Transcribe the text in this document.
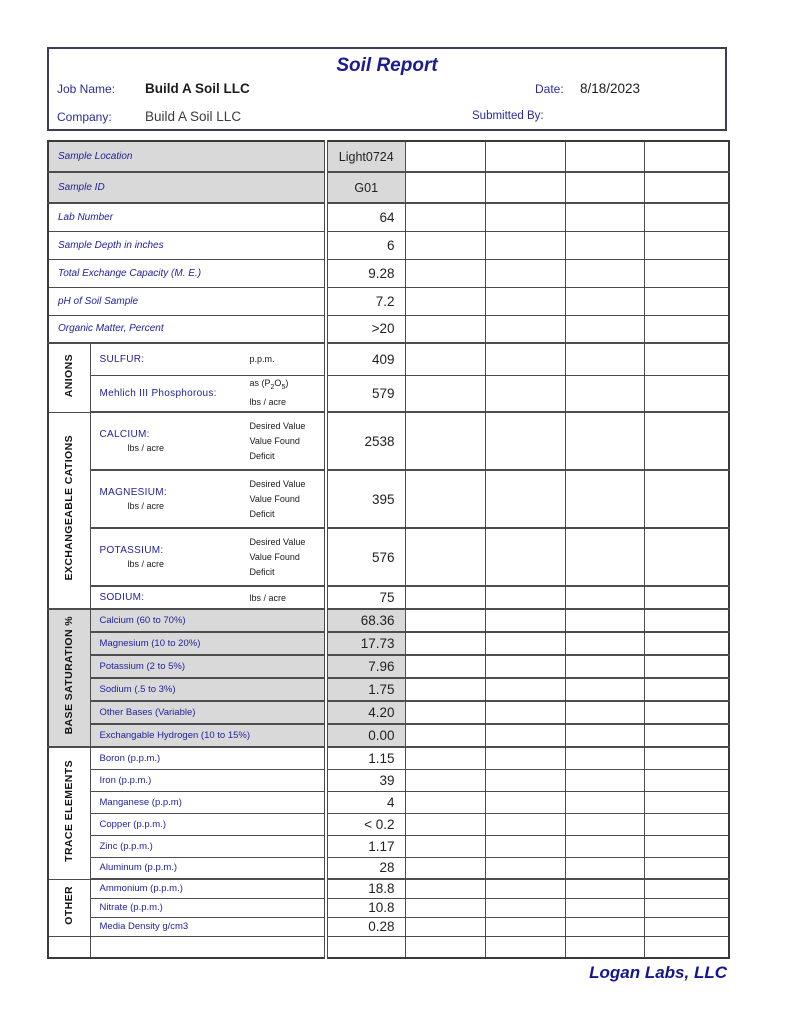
Soil Report
Job Name: Build A Soil LLC	Date: 8/18/2023
Company: Build A Soil LLC	Submitted By:
Sample Location		Light0724				
Sample ID		G01				
Lab Number		64				
Sample Depth in inches		6				
Total Exchange Capacity (M. E.)		9.28				
pH of Soil Sample		7.2				
Organic Matter, Percent		>20				
ANIONS	SULFUR: p.p.m.	409				

	Mehlich III Phosphorous:
as $(P_2O_5)$
lbs / acre	579				
EXCHANGEABLE CATIONS	CALCIUM:
lbs / acre
Desired Value
Value Found
Deficit	2538				

	MAGNESIUM:
lbs / acre
Desired Value
Value Found
Deficit	395				

	POTASSIUM:
lbs / acre
Desired Value
Value Found
Deficit	576				

	SODIUM: lbs / acre	75				
BASE SATURATION %	Calcium (60 to 70%)	68.36				
	Magnesium (10 to 20%)	17.73				
	Potassium (2 to 5%)	7.96				
	Sodium (.5 to 3%)	1.75				
	Other Bases (Variable)	4.20				
	Exchangable Hydrogen (10 to 15%)	0.00				
TRACE ELEMENTS	Boron (p.p.m.)	1.15				
	Iron (p.p.m.)	39				
	Manganese (p.p.m)	4				
	Copper (p.p.m.)	< 0.2				
	Zinc (p.p.m.)	1.17				
	Aluminum (p.p.m.)	28				
OTHER	Ammonium (p.p.m.)	18.8				
	Nitrate (p.p.m.)	10.8				
	Media Density g/cm3	0.28				

Logan Labs, LLC
